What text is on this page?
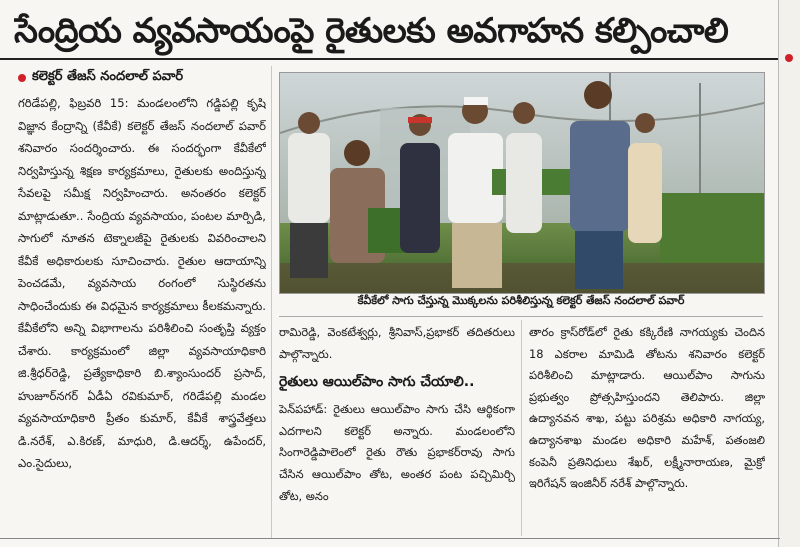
సేంద్రియ వ్యవసాయంపై రైతులకు అవగాహన కల్పించాలి
కలెక్టర్ తేజస్ నందలాల్ పవార్

గరిడేపల్లి, ఫిబ్రవరి 15: మండలంలోని గడ్డిపల్లి కృషి విజ్ఞాన కేంద్రాన్ని (కేవీకే) కలెక్టర్ తేజస్ నందలాల్ పవార్ శనివారం సందర్శించారు. ఈ సందర్భంగా కేవీకేలో నిర్వహిస్తున్న శిక్షణ కార్యక్రమాలు, రైతులకు అందిస్తున్న సేవలపై సమీక్ష నిర్వహించారు. అనంతరం కలెక్టర్ మాట్లాడుతూ.. సేంద్రియ వ్యవసాయం, పంటల మార్పిడి, సాగులో నూతన టెక్నాలజీపై రైతులకు వివరించాలని కేవీకే అధికారులకు సూచించారు. రైతుల ఆదాయాన్ని పెంచడమే, వ్యవసాయ రంగంలో సుస్థిరతను సాధించేందుకు ఈ విధమైన కార్యక్రమాలు కీలకమన్నారు. కేవీకేలోని అన్ని విభాగాలను పరిశీలించి సంతృప్తి వ్యక్తం చేశారు. కార్యక్రమంలో జిల్లా వ్యవసాయాధికారి జి.శ్రీధర్‌రెడ్డి, ప్రత్యేకాధికారి బి.శ్యాంసుందర్ ప్రసాద్, హుజూర్‌నగర్ ఏడీఏ రవికుమార్, గరిడేపల్లి మండల వ్యవసాయాధికారి ప్రీతం కుమార్, కేవీకే శాస్త్రవేత్తలు డి.నరేశ్, ఎ.కిరణ్, మాధురి, డి.ఆదర్శ్, ఉపేందర్, ఎం.సైదులు,

కేవీకేలో సాగు చేస్తున్న మొక్కలను పరిశీలిస్తున్న కలెక్టర్ తేజస్ నందలాల్ పవార్

రామిరెడ్డి, వెంకటేశ్వర్లు, శ్రీనివాస్,ప్రభాకర్ తదితరులు పాల్గొన్నారు.

రైతులు ఆయిల్‌పాం సాగు చేయాలి..

పెన్‌పహాడ్: రైతులు ఆయిల్‌పాం సాగు చేసి ఆర్థికంగా ఎదగాలని కలెక్టర్ అన్నారు. మండలంలోని సింగారెడ్డిపాలెంలో రైతు రౌతు ప్రభాకర్‌రావు సాగు చేసిన ఆయిల్‌పాం తోట, అంతర పంట పచ్చిమిర్చి తోట, అనం

తారం క్రాస్‌రోడ్‌లో రైతు కక్కిరేణి నాగయ్యకు చెందిన 18 ఎకరాల మామిడి తోటను శనివారం కలెక్టర్ పరిశీలించి మాట్లాడారు. ఆయిల్‌పాం సాగును ప్రభుత్వం ప్రోత్సహిస్తుందని తెలిపారు. జిల్లా ఉద్యానవన శాఖ, పట్టు పరిశ్రమ అధికారి నాగయ్య, ఉద్యానశాఖ మండల అధికారి మహేశ్, పతంజలి కంపెనీ ప్రతినిధులు శేఖర్, లక్ష్మీనారాయణ, మైక్రో ఇరిగేషన్ ఇంజినీర్ నరేశ్ పాల్గొన్నారు.
